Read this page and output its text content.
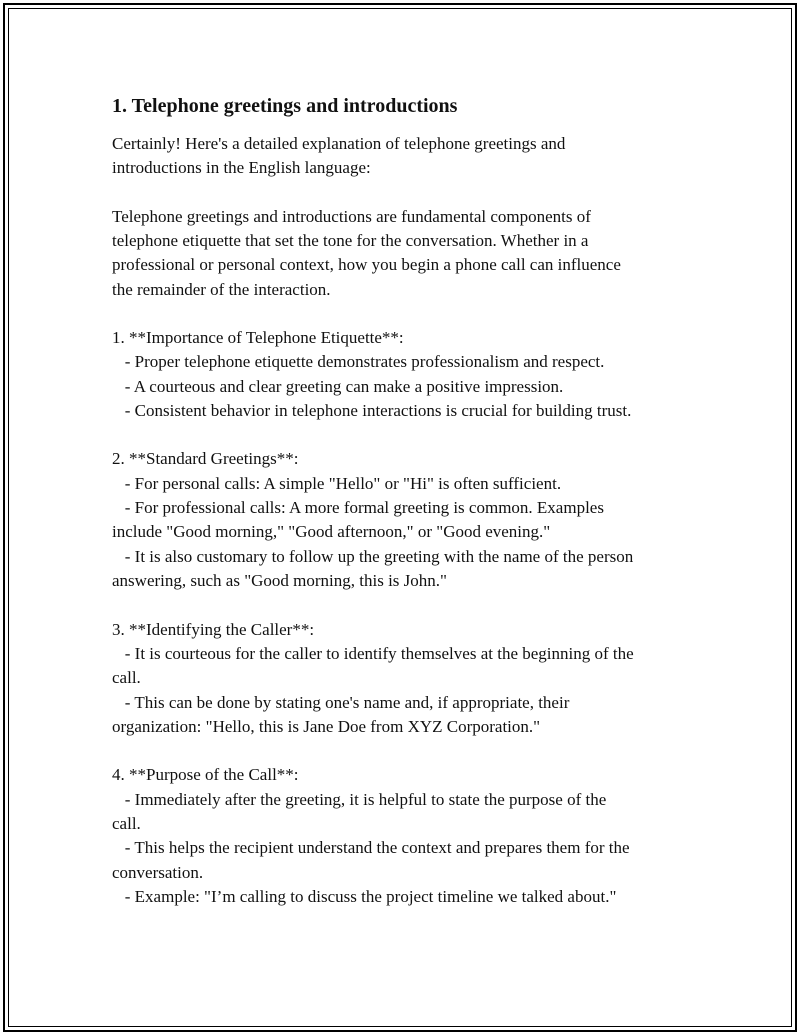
1. Telephone greetings and introductions
Certainly! Here's a detailed explanation of telephone greetings and
introductions in the English language:
Telephone greetings and introductions are fundamental components of
telephone etiquette that set the tone for the conversation. Whether in a
professional or personal context, how you begin a phone call can influence
the remainder of the interaction.
1. **Importance of Telephone Etiquette**:
- Proper telephone etiquette demonstrates professionalism and respect.
- A courteous and clear greeting can make a positive impression.
- Consistent behavior in telephone interactions is crucial for building trust.
2. **Standard Greetings**:
- For personal calls: A simple "Hello" or "Hi" is often sufficient.
- For professional calls: A more formal greeting is common. Examples
include "Good morning," "Good afternoon," or "Good evening."
- It is also customary to follow up the greeting with the name of the person
answering, such as "Good morning, this is John."
3. **Identifying the Caller**:
- It is courteous for the caller to identify themselves at the beginning of the
call.
- This can be done by stating one's name and, if appropriate, their
organization: "Hello, this is Jane Doe from XYZ Corporation."
4. **Purpose of the Call**:
- Immediately after the greeting, it is helpful to state the purpose of the
call.
- This helps the recipient understand the context and prepares them for the
conversation.
- Example: "I’m calling to discuss the project timeline we talked about."
